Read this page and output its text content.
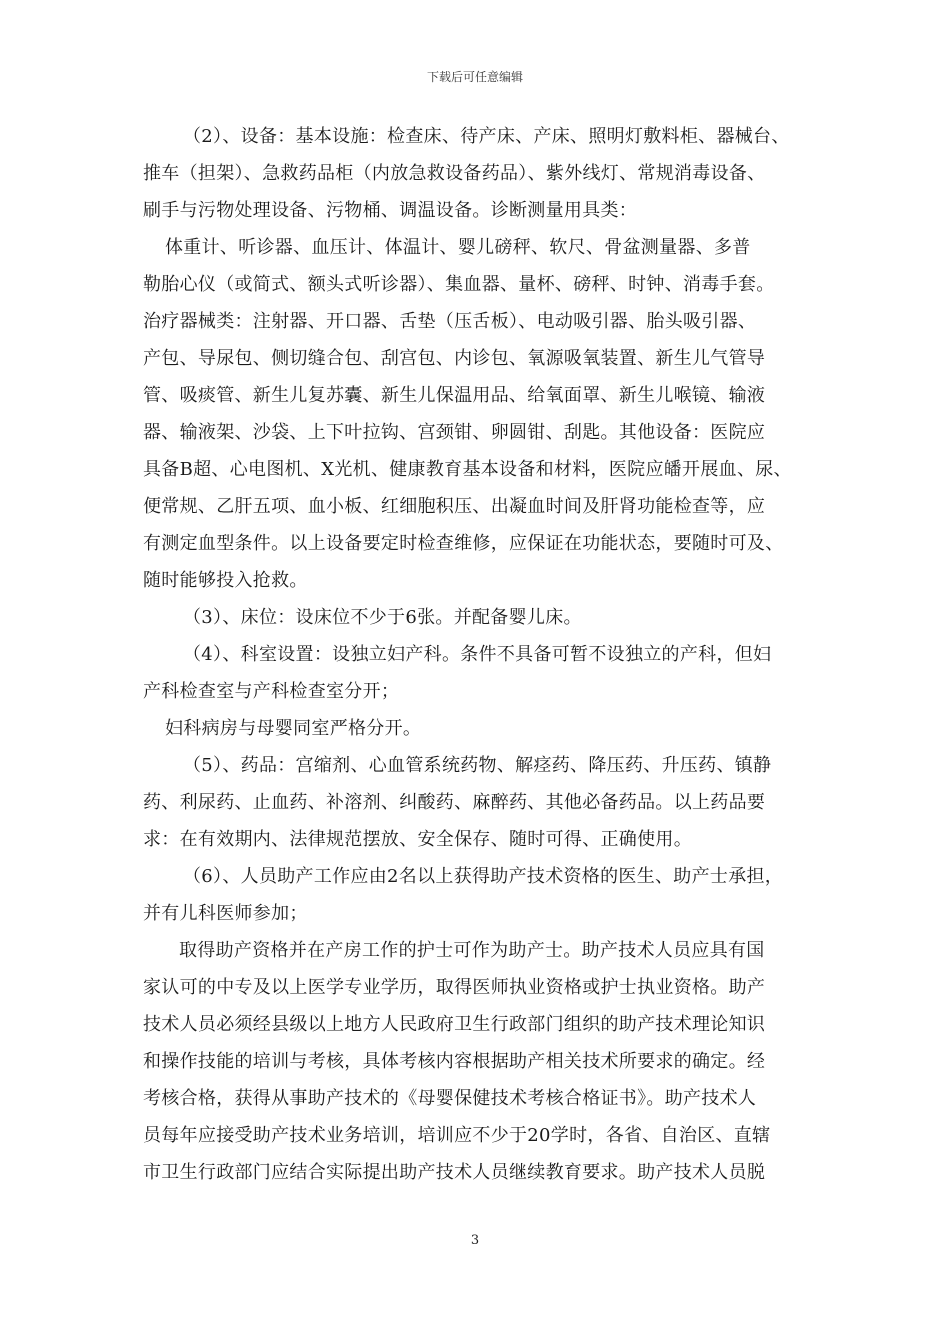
下载后可任意编辑
（2）、设备：基本设施：检查床、待产床、产床、照明灯敷料柜、器械台、
推车（担架）、急救药品柜（内放急救设备药品）、紫外线灯、常规消毒设备、
刷手与污物处理设备、污物桶、调温设备。诊断测量用具类：
体重计、听诊器、血压计、体温计、婴儿磅秤、软尺、骨盆测量器、多普
勒胎心仪（或简式、额头式听诊器）、集血器、量杯、磅秤、时钟、消毒手套。
治疗器械类：注射器、开口器、舌垫（压舌板）、电动吸引器、胎头吸引器、
产包、导尿包、侧切缝合包、刮宫包、内诊包、氧源吸氧装置、新生儿气管导
管、吸痰管、新生儿复苏囊、新生儿保温用品、给氧面罩、新生儿喉镜、输液
器、输液架、沙袋、上下叶拉钩、宫颈钳、卵圆钳、刮匙。其他设备：医院应
具备B超、心电图机、X光机、健康教育基本设备和材料，医院应皤开展血、尿、
便常规、乙肝五项、血小板、红细胞积压、出凝血时间及肝肾功能检查等，应
有测定血型条件。以上设备要定时检查维修，应保证在功能状态，要随时可及、
随时能够投入抢救。
（3）、床位：设床位不少于6张。并配备婴儿床。
（4）、科室设置：设独立妇产科。条件不具备可暂不设独立的产科，但妇
产科检查室与产科检查室分开；
妇科病房与母婴同室严格分开。
（5）、药品：宫缩剂、心血管系统药物、解痉药、降压药、升压药、镇静
药、利尿药、止血药、补溶剂、纠酸药、麻醉药、其他必备药品。以上药品要
求：在有效期内、法律规范摆放、安全保存、随时可得、正确使用。
（6）、人员助产工作应由2名以上获得助产技术资格的医生、助产士承担，
并有儿科医师参加；
取得助产资格并在产房工作的护士可作为助产士。助产技术人员应具有国
家认可的中专及以上医学专业学历，取得医师执业资格或护士执业资格。助产
技术人员必须经县级以上地方人民政府卫生行政部门组织的助产技术理论知识
和操作技能的培训与考核，具体考核内容根据助产相关技术所要求的确定。经
考核合格，获得从事助产技术的《母婴保健技术考核合格证书》。助产技术人
员每年应接受助产技术业务培训，培训应不少于20学时，各省、自治区、直辖
市卫生行政部门应结合实际提出助产技术人员继续教育要求。助产技术人员脱
3
